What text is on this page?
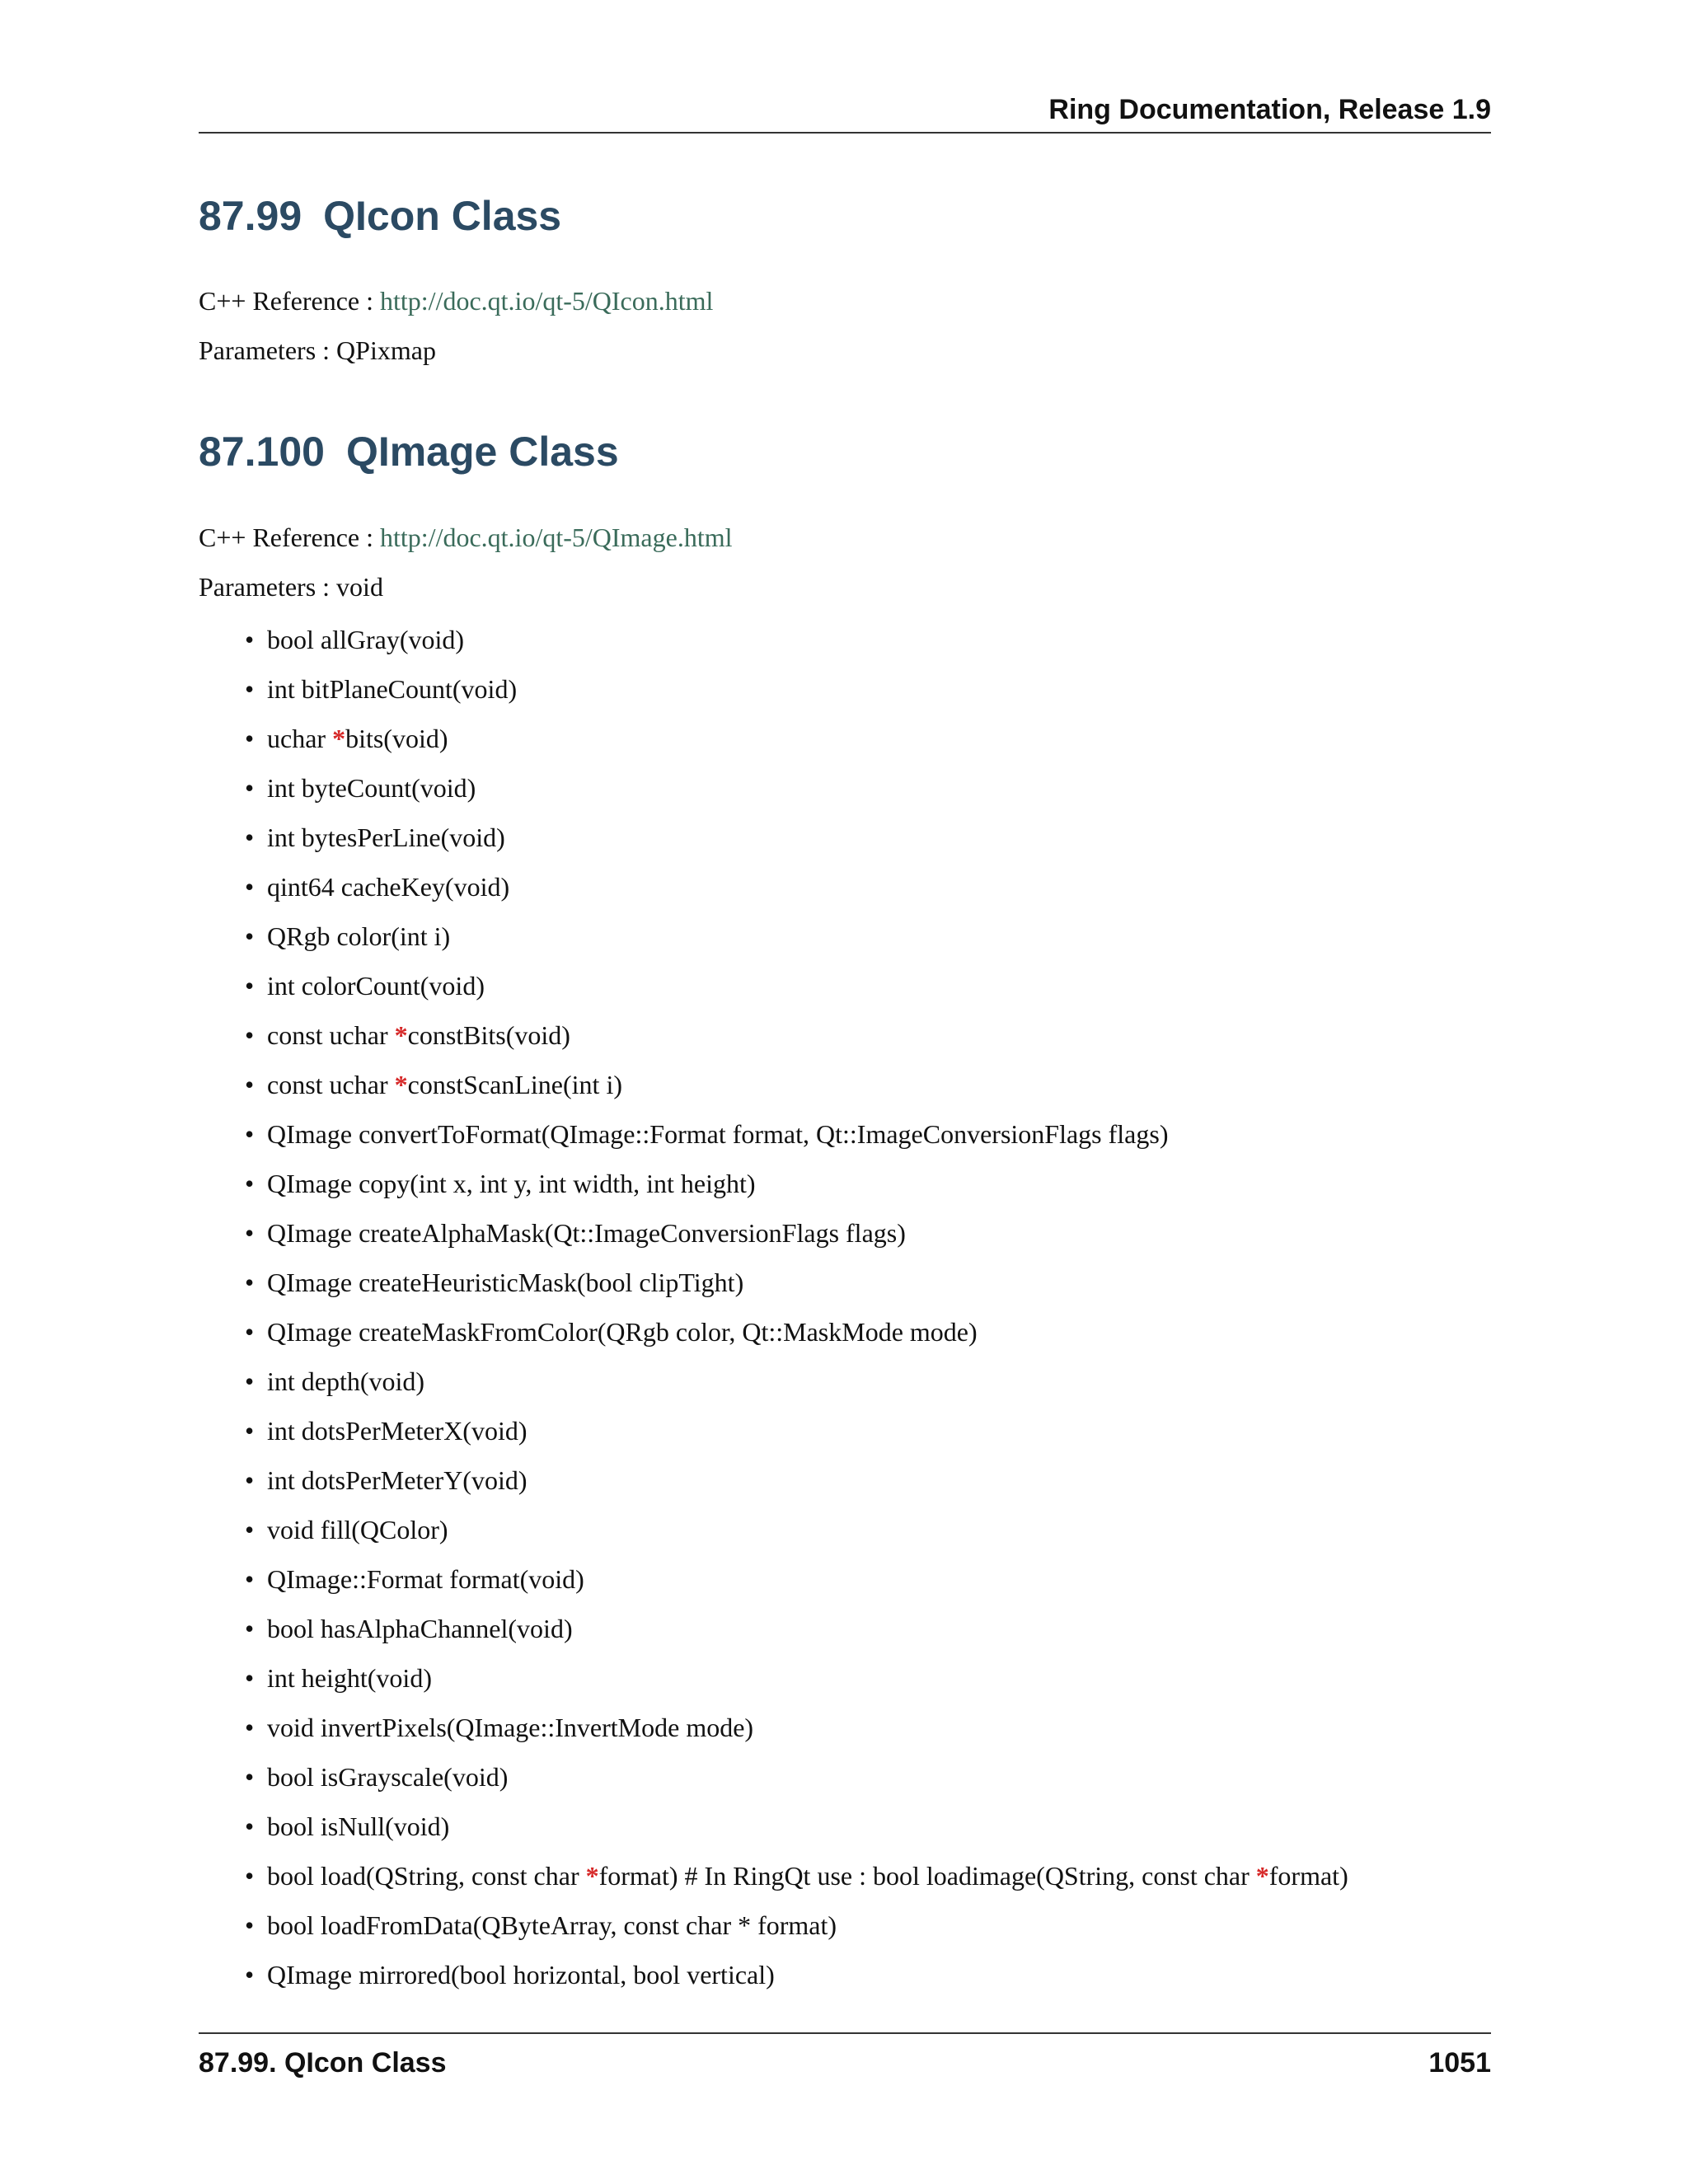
Ring Documentation, Release 1.9
87.99 QIcon Class
C++ Reference : http://doc.qt.io/qt-5/QIcon.html
Parameters : QPixmap
87.100 QImage Class
C++ Reference : http://doc.qt.io/qt-5/QImage.html
Parameters : void
• bool allGray(void)
• int bitPlaneCount(void)
• uchar *bits(void)
• int byteCount(void)
• int bytesPerLine(void)
• qint64 cacheKey(void)
• QRgb color(int i)
• int colorCount(void)
• const uchar *constBits(void)
• const uchar *constScanLine(int i)
• QImage convertToFormat(QImage::Format format, Qt::ImageConversionFlags flags)
• QImage copy(int x, int y, int width, int height)
• QImage createAlphaMask(Qt::ImageConversionFlags flags)
• QImage createHeuristicMask(bool clipTight)
• QImage createMaskFromColor(QRgb color, Qt::MaskMode mode)
• int depth(void)
• int dotsPerMeterX(void)
• int dotsPerMeterY(void)
• void fill(QColor)
• QImage::Format format(void)
• bool hasAlphaChannel(void)
• int height(void)
• void invertPixels(QImage::InvertMode mode)
• bool isGrayscale(void)
• bool isNull(void)
• bool load(QString, const char *format) # In RingQt use : bool loadimage(QString, const char *format)
• bool loadFromData(QByteArray, const char * format)
• QImage mirrored(bool horizontal, bool vertical)
87.99. QIcon Class	1051
